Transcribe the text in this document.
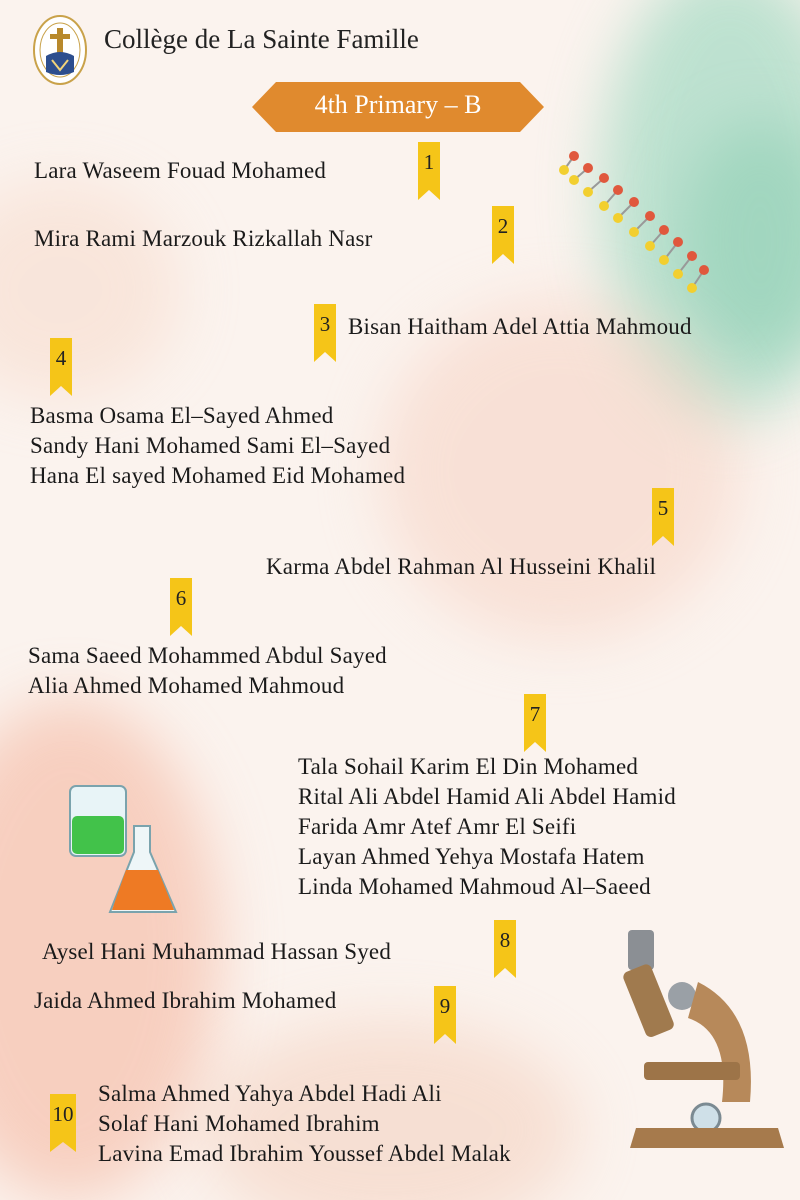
Collège de La Sainte Famille
4th Primary – B
1
Lara Waseem Fouad Mohamed
2
Mira Rami Marzouk Rizkallah Nasr
3 Bisan Haitham Adel Attia Mahmoud
4
Basma Osama El–Sayed Ahmed
Sandy Hani Mohamed Sami El–Sayed
Hana El sayed Mohamed Eid Mohamed
5
Karma Abdel Rahman Al Husseini Khalil
6
Sama Saeed Mohammed Abdul Sayed
Alia Ahmed Mohamed Mahmoud
7
Tala Sohail Karim El Din Mohamed
Rital Ali Abdel Hamid Ali Abdel Hamid
Farida Amr Atef Amr El Seifi
Layan Ahmed Yehya Mostafa Hatem
Linda Mohamed Mahmoud Al–Saeed
8
Aysel Hani Muhammad Hassan Syed
9
Jaida Ahmed Ibrahim Mohamed
10
Salma Ahmed Yahya Abdel Hadi Ali
Solaf Hani Mohamed Ibrahim
Lavina Emad Ibrahim Youssef Abdel Malak
